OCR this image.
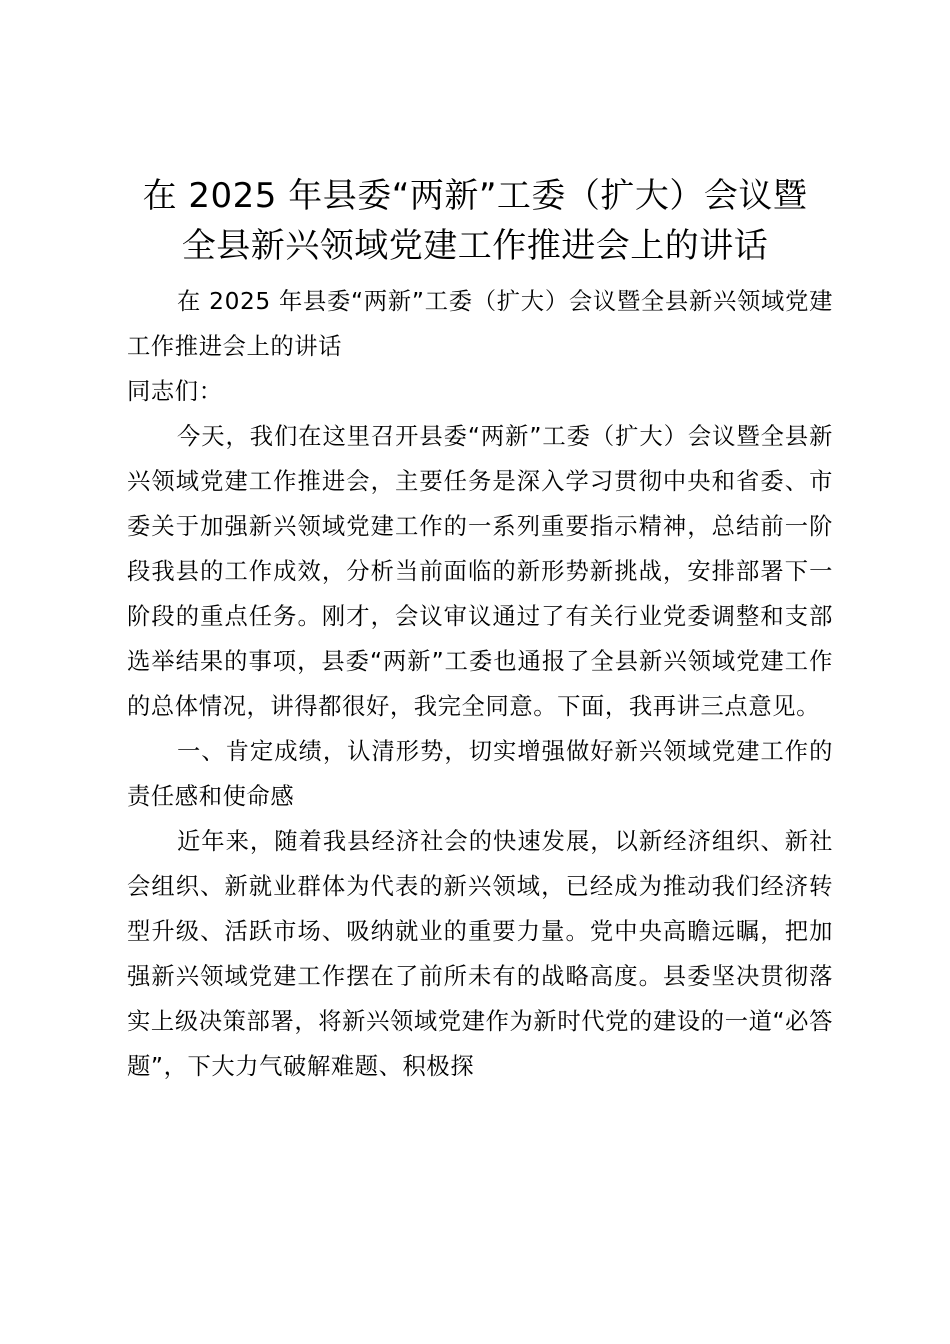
在 2025 年县委“两新”工委（扩大）会议暨
全县新兴领域党建工作推进会上的讲话

在 2025 年县委“两新”工委（扩大）会议暨全县新兴领域党建工作推进会上的讲话

同志们：

今天，我们在这里召开县委“两新”工委（扩大）会议暨全县新兴领域党建工作推进会，主要任务是深入学习贯彻中央和省委、市委关于加强新兴领域党建工作的一系列重要指示精神，总结前一阶段我县的工作成效，分析当前面临的新形势新挑战，安排部署下一阶段的重点任务。刚才，会议审议通过了有关行业党委调整和支部选举结果的事项，县委“两新”工委也通报了全县新兴领域党建工作的总体情况，讲得都很好，我完全同意。下面，我再讲三点意见。

一、肯定成绩，认清形势，切实增强做好新兴领域党建工作的责任感和使命感

近年来，随着我县经济社会的快速发展，以新经济组织、新社会组织、新就业群体为代表的新兴领域，已经成为推动我们经济转型升级、活跃市场、吸纳就业的重要力量。党中央高瞻远瞩，把加强新兴领域党建工作摆在了前所未有的战略高度。县委坚决贯彻落实上级决策部署，将新兴领域党建作为新时代党的建设的一道“必答题”，下大力气破解难题、积极探
